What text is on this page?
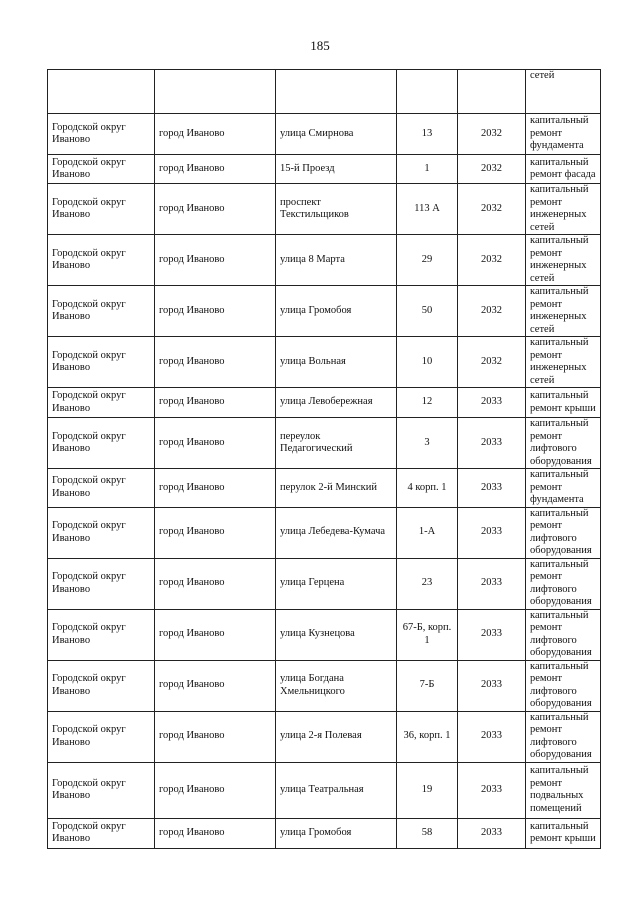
185
					сетей
Городской округ Иваново	город Иваново	улица Смирнова	13	2032	капитальный ремонт фундамента
Городской округ Иваново	город Иваново	15-й Проезд	1	2032	капитальный ремонт фасада
Городской округ Иваново	город Иваново	проспект Текстильщиков	113 А	2032	капитальный ремонт инженерных сетей
Городской округ Иваново	город Иваново	улица 8 Марта	29	2032	капитальный ремонт инженерных сетей
Городской округ Иваново	город Иваново	улица Громобоя	50	2032	капитальный ремонт инженерных сетей
Городской округ Иваново	город Иваново	улица Вольная	10	2032	капитальный ремонт инженерных сетей
Городской округ Иваново	город Иваново	улица Левобережная	12	2033	капитальный ремонт крыши
Городской округ Иваново	город Иваново	переулок Педагогический	3	2033	капитальный ремонт лифтового оборудования
Городской округ Иваново	город Иваново	перулок 2-й Минский	4 корп. 1	2033	капитальный ремонт фундамента
Городской округ Иваново	город Иваново	улица Лебедева-Кумача	1-А	2033	капитальный ремонт лифтового оборудования
Городской округ Иваново	город Иваново	улица Герцена	23	2033	капитальный ремонт лифтового оборудования
Городской округ Иваново	город Иваново	улица Кузнецова	67-Б, корп. 1	2033	капитальный ремонт лифтового оборудования
Городской округ Иваново	город Иваново	улица Богдана Хмельницкого	7-Б	2033	капитальный ремонт лифтового оборудования
Городской округ Иваново	город Иваново	улица 2-я Полевая	36, корп. 1	2033	капитальный ремонт лифтового оборудования
Городской округ Иваново	город Иваново	улица Театральная	19	2033	капитальный ремонт подвальных помещений
Городской округ Иваново	город Иваново	улица Громобоя	58	2033	капитальный ремонт крыши
